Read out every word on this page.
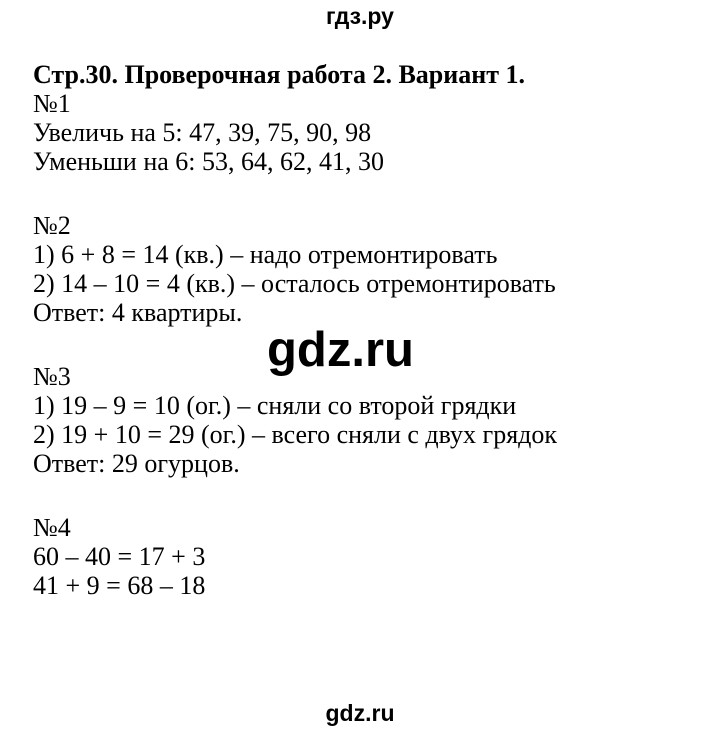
гдз.ру
Стр.30. Проверочная работа 2. Вариант 1.
№1
Увеличь на 5: 47, 39, 75, 90, 98
Уменьши на 6: 53, 64, 62, 41, 30
№2
1) 6 + 8 = 14 (кв.) – надо отремонтировать
2) 14 – 10 = 4 (кв.) – осталось отремонтировать
Ответ: 4 квартиры.
№3
1) 19 – 9 = 10 (ог.) – сняли со второй грядки
2) 19 + 10 = 29 (ог.) – всего сняли с двух грядок
Ответ: 29 огурцов.
№4
60 – 40 = 17 + 3
41 + 9 = 68 – 18
gdz.ru
gdz.ru
